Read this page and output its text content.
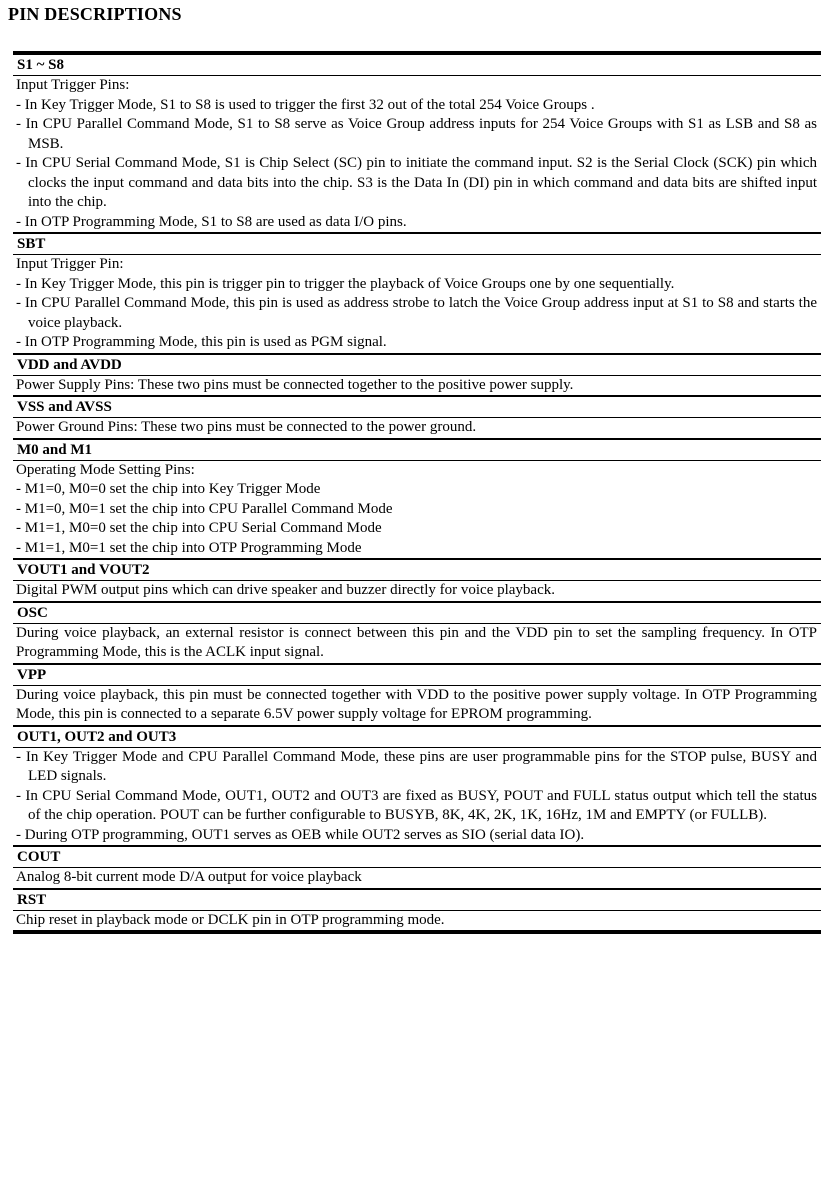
PIN DESCRIPTIONS
S1 ~ S8

Input Trigger Pins:

- In Key Trigger Mode, S1 to S8 is used to trigger the first 32 out of the total 254 Voice Groups .

- In CPU Parallel Command Mode, S1 to S8 serve as Voice Group address inputs for 254 Voice Groups with S1 as LSB and S8 as MSB.

- In CPU Serial Command Mode, S1 is Chip Select (SC) pin to initiate the command input. S2 is the Serial Clock (SCK) pin which clocks the input command and data bits into the chip. S3 is the Data In (DI) pin in which command and data bits are shifted input into the chip.

- In OTP Programming Mode, S1 to S8 are used as data I/O pins.

SBT

Input Trigger Pin:

- In Key Trigger Mode, this pin is trigger pin to trigger the playback of Voice Groups one by one sequentially.

- In CPU Parallel Command Mode, this pin is used as address strobe to latch the Voice Group address input at S1 to S8 and starts the voice playback.

- In OTP Programming Mode, this pin is used as PGM signal.

VDD and AVDD

Power Supply Pins: These two pins must be connected together to the positive power supply.

VSS and AVSS

Power Ground Pins: These two pins must be connected to the power ground.

M0 and M1

Operating Mode Setting Pins:

- M1=0, M0=0 set the chip into Key Trigger Mode

- M1=0, M0=1 set the chip into CPU Parallel Command Mode

- M1=1, M0=0 set the chip into CPU Serial Command Mode

- M1=1, M0=1 set the chip into OTP Programming Mode

VOUT1 and VOUT2

Digital PWM output pins which can drive speaker and buzzer directly for voice playback.

OSC

During voice playback, an external resistor is connect between this pin and the VDD pin to set the sampling frequency. In OTP Programming Mode, this is the ACLK input signal.

VPP

During voice playback, this pin must be connected together with VDD to the positive power supply voltage. In OTP Programming Mode, this pin is connected to a separate 6.5V power supply voltage for EPROM programming.

OUT1, OUT2 and OUT3

- In Key Trigger Mode and CPU Parallel Command Mode, these pins are user programmable pins for the STOP pulse, BUSY and LED signals.

- In CPU Serial Command Mode, OUT1, OUT2 and OUT3 are fixed as BUSY, POUT and FULL status output which tell the status of the chip operation. POUT can be further configurable to BUSYB, 8K, 4K, 2K, 1K, 16Hz, 1M and EMPTY (or FULLB).

- During OTP programming, OUT1 serves as OEB while OUT2 serves as SIO (serial data IO).

COUT

Analog 8-bit current mode D/A output for voice playback

RST

Chip reset in playback mode or DCLK pin in OTP programming mode.
